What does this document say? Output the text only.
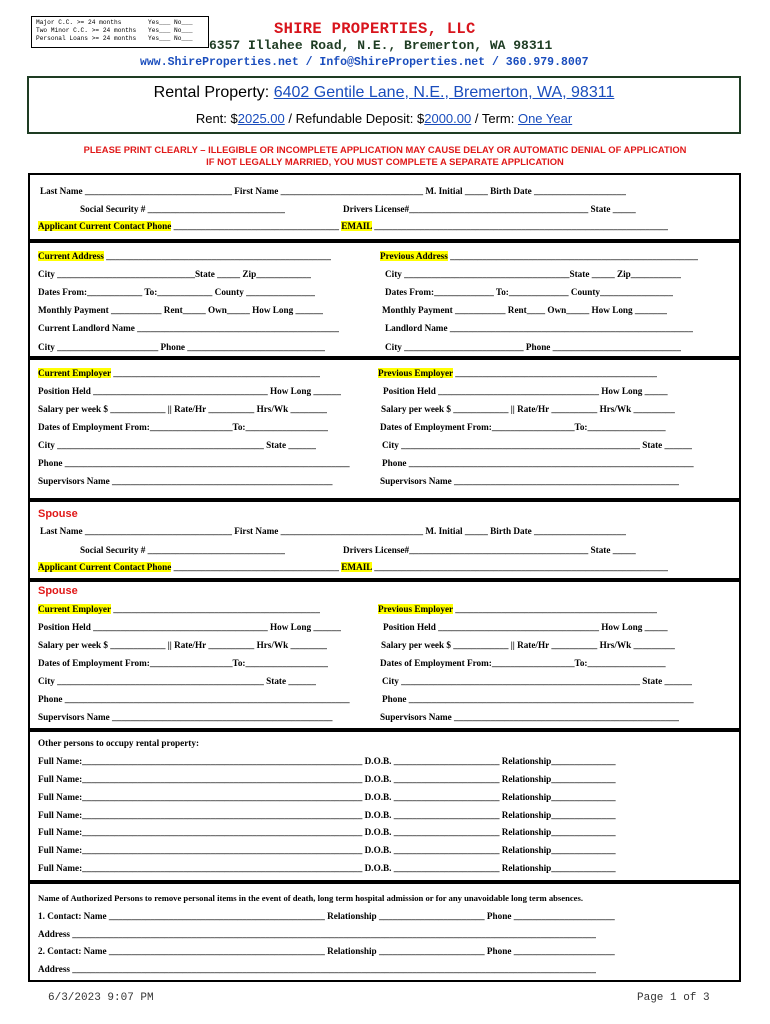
Major C.C. >= 24 months	Yes___ No___
Two Minor C.C. >= 24 months Yes___ No___
Personal Loans >= 24 months Yes___ No___
SHIRE PROPERTIES, LLC
6357 Illahee Road, N.E., Bremerton, WA 98311
www.ShireProperties.net / Info@ShireProperties.net / 360.979.8007
Rental Property: 6402 Gentile Lane, N.E., Bremerton, WA, 98311
Rent: $2025.00 / Refundable Deposit: $2000.00 / Term: One Year
PLEASE PRINT CLEARLY – ILLEGIBLE OR INCOMPLETE APPLICATION MAY CAUSE DELAY OR AUTOMATIC DENIAL OF APPLICATION
IF NOT LEGALLY MARRIED, YOU MUST COMPLETE A SEPARATE APPLICATION
Last Name ________________________________ First Name _______________________________ M. Initial _____ Birth Date ____________________
Social Security # ______________________________	Drivers License#_______________________________________ State _____
Applicant Current Contact Phone ____________________________________ EMAIL ________________________________________________________________
Current Address _________________________________________________	Previous Address ______________________________________________________
City ______________________________State _____ Zip____________	City ____________________________________State _____ Zip___________
Dates From:____________ To:____________ County _______________	Dates From:_____________ To:_____________ County________________
Monthly Payment ___________ Rent_____ Own_____ How Long ______	Monthly Payment ___________ Rent____ Own_____ How Long _______
Current Landlord Name ____________________________________________	Landlord Name _____________________________________________________
City ______________________ Phone ______________________________	City __________________________ Phone ____________________________
Current Employer _____________________________________________	Previous Employer ____________________________________________
Position Held ______________________________________ How Long ______	Position Held ___________________________________ How Long _____
Salary per week $ ____________ || Rate/Hr __________ Hrs/Wk ________	Salary per week $ ____________ || Rate/Hr __________ Hrs/Wk _________
Dates of Employment From:__________________To:__________________	Dates of Employment From:__________________To:_________________
City _____________________________________________ State ______	City ____________________________________________________ State ______
Phone ______________________________________________________________	Phone ______________________________________________________________
Supervisors Name ________________________________________________	Supervisors Name _________________________________________________
Spouse
Last Name ________________________________ First Name _______________________________ M. Initial _____ Birth Date ____________________
Social Security # ______________________________	Drivers License#_______________________________________ State _____
Applicant Current Contact Phone ____________________________________ EMAIL ________________________________________________________________
Spouse
Current Employer _____________________________________________	Previous Employer ____________________________________________
Position Held ______________________________________ How Long ______	Position Held ___________________________________ How Long _____
Salary per week $ ____________ || Rate/Hr __________ Hrs/Wk ________	Salary per week $ ____________ || Rate/Hr __________ Hrs/Wk _________
Dates of Employment From:__________________To:__________________	Dates of Employment From:__________________To:_________________
City _____________________________________________ State ______	City ____________________________________________________ State ______
Phone ______________________________________________________________	Phone ______________________________________________________________
Supervisors Name ________________________________________________	Supervisors Name _________________________________________________
Other persons to occupy rental property:
Full Name:_____________________________________________________________ D.O.B. _______________________ Relationship______________
Full Name:_____________________________________________________________ D.O.B. _______________________ Relationship______________
Full Name:_____________________________________________________________ D.O.B. _______________________ Relationship______________
Full Name:_____________________________________________________________ D.O.B. _______________________ Relationship______________
Full Name:_____________________________________________________________ D.O.B. _______________________ Relationship______________
Full Name:_____________________________________________________________ D.O.B. _______________________ Relationship______________
Full Name:_____________________________________________________________ D.O.B. _______________________ Relationship______________
Name of Authorized Persons to remove personal items in the event of death, long term hospital admission or for any unavoidable long term absences.
1. Contact: Name _______________________________________________ Relationship _______________________ Phone ______________________
Address __________________________________________________________________________________________________________________
2. Contact: Name _______________________________________________ Relationship _______________________ Phone ______________________
Address __________________________________________________________________________________________________________________
6/3/2023 9:07 PM	Page 1 of 3
